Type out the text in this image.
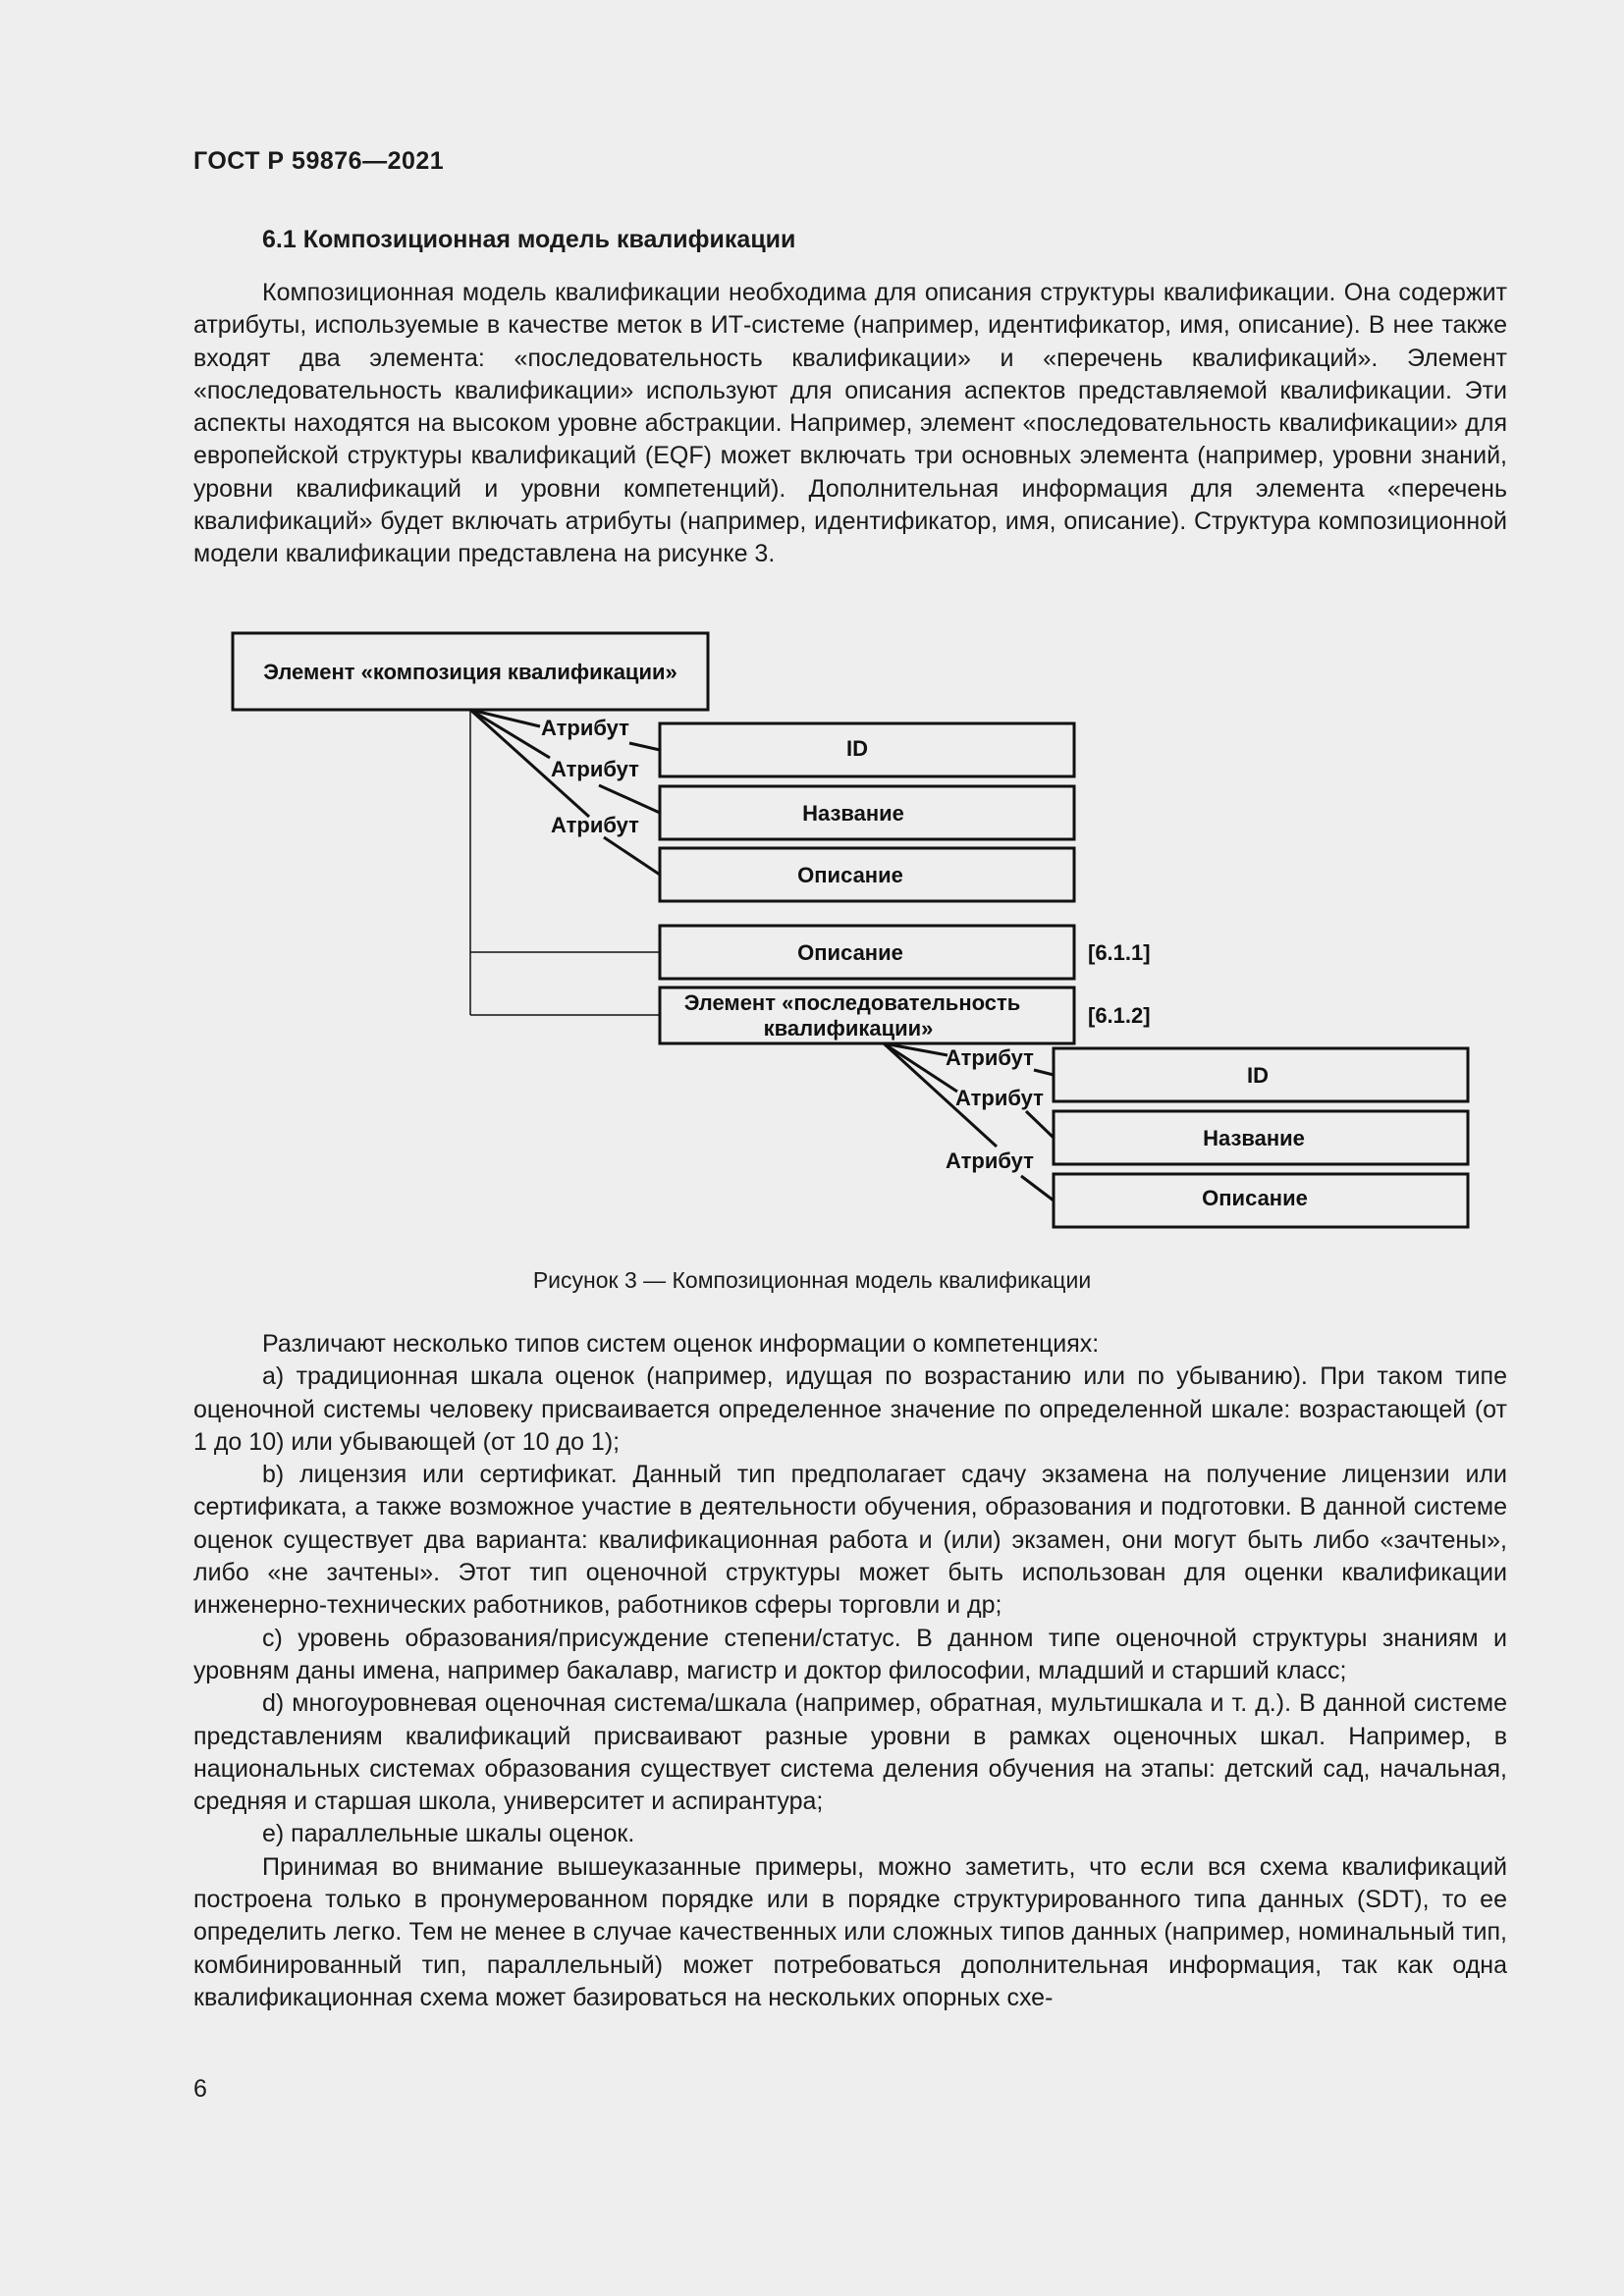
ГОСТ Р 59876—2021
6.1 Композиционная модель квалификации

Композиционная модель квалификации необходима для описания структуры квалификации. Она содержит атрибуты, используемые в качестве меток в ИТ-системе (например, идентификатор, имя, описание). В нее также входят два элемента: «последовательность квалификации» и «перечень квалификаций». Элемент «последовательность квалификации» используют для описания аспектов представляемой квалификации. Эти аспекты находятся на высоком уровне абстракции. Например, элемент «последовательность квалификации» для европейской структуры квалификаций (EQF) может включать три основных элемента (например, уровни знаний, уровни квалификаций и уровни компетенций). Дополнительная информация для элемента «перечень квалификаций» будет включать атрибуты (например, идентификатор, имя, описание). Структура композиционной модели квалификации представлена на рисунке 3.

Элемент «композиция квалификации»
Атрибут
Атрибут
Атрибут
ID
Название
Описание
Описание	[6.1.1]
Элемент «последовательность
квалификации»
[6.1.2]
Атрибут
Атрибут
Атрибут
ID
Название
Описание
Рисунок 3 — Композиционная модель квалификации

Различают несколько типов систем оценок информации о компетенциях:

a) традиционная шкала оценок (например, идущая по возрастанию или по убыванию). При таком типе оценочной системы человеку присваивается определенное значение по определенной шкале: возрастающей (от 1 до 10) или убывающей (от 10 до 1);

b) лицензия или сертификат. Данный тип предполагает сдачу экзамена на получение лицензии или сертификата, а также возможное участие в деятельности обучения, образования и подготовки. В данной системе оценок существует два варианта: квалификационная работа и (или) экзамен, они могут быть либо «зачтены», либо «не зачтены». Этот тип оценочной структуры может быть использован для оценки квалификации инженерно-технических работников, работников сферы торговли и др;

c) уровень образования/присуждение степени/статус. В данном типе оценочной структуры знаниям и уровням даны имена, например бакалавр, магистр и доктор философии, младший и старший класс;

d) многоуровневая оценочная система/шкала (например, обратная, мультишкала и т. д.). В данной системе представлениям квалификаций присваивают разные уровни в рамках оценочных шкал. Например, в национальных системах образования существует система деления обучения на этапы: детский сад, начальная, средняя и старшая школа, университет и аспирантура;

e) параллельные шкалы оценок.

Принимая во внимание вышеуказанные примеры, можно заметить, что если вся схема квалификаций построена только в пронумерованном порядке или в порядке структурированного типа данных (SDT), то ее определить легко. Тем не менее в случае качественных или сложных типов данных (например, номинальный тип, комбинированный тип, параллельный) может потребоваться дополнительная информация, так как одна квалификационная схема может базироваться на нескольких опорных схе-

6
